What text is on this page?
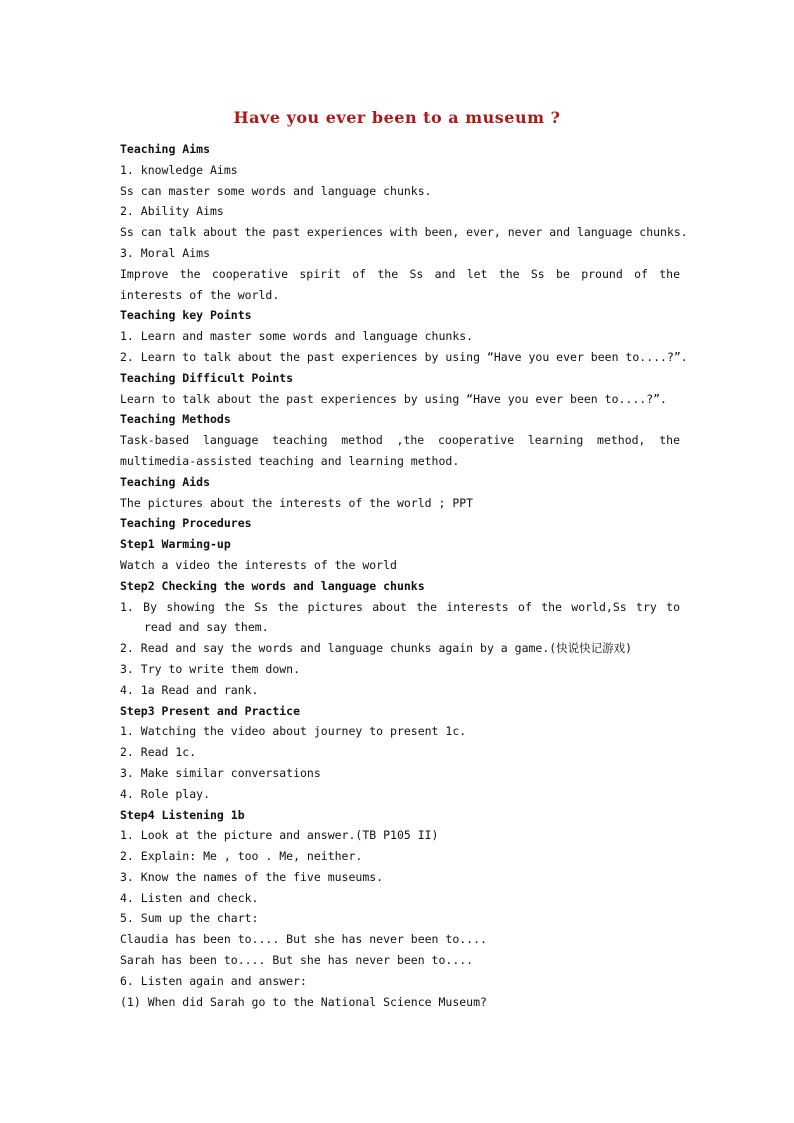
Have you ever been to a museum ?
Teaching Aims
1. knowledge Aims
Ss can master some words and language chunks.
2. Ability Aims
Ss can talk about the past experiences with been, ever, never and language chunks.
3. Moral Aims
Improve the cooperative spirit of the Ss and let the Ss be pround of the interests of the world.
Teaching key Points
1. Learn and master some words and language chunks.
2. Learn to talk about the past experiences by using “Have you ever been to....?”.
Teaching Difficult Points
Learn to talk about the past experiences by using “Have you ever been to....?”.
Teaching Methods
Task-based language teaching method ,the cooperative learning method, the multimedia-assisted teaching and learning method.
Teaching Aids
The pictures about the interests of the world ; PPT
Teaching Procedures
Step1 Warming-up
Watch a video the interests of the world
Step2 Checking the words and language chunks
1. By showing the Ss the pictures about the interests of the world,Ss try to read and say them.
2. Read and say the words and language chunks again by a game.(快说快记游戏)
3. Try to write them down.
4. 1a Read and rank.
Step3 Present and Practice
1. Watching the video about journey to present 1c.
2. Read 1c.
3. Make similar conversations
4. Role play.
Step4 Listening 1b
1. Look at the picture and answer.(TB P105 II)
2. Explain: Me , too . Me, neither.
3. Know the names of the five museums.
4. Listen and check.
5. Sum up the chart:
Claudia has been to.... But she has never been to....
Sarah has been to.... But she has never been to....
6. Listen again and answer:
(1) When did Sarah go to the National Science Museum?
